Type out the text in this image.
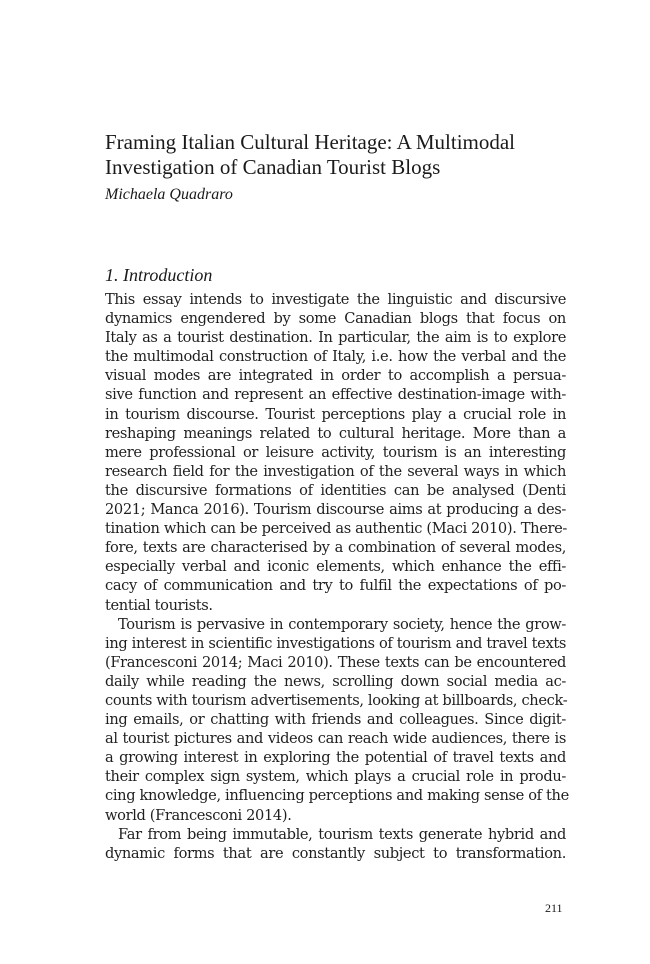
Framing Italian Cultural Heritage: A Multimodal
Investigation of Canadian Tourist Blogs

Michaela Quadraro

1. Introduction
This essay intends to investigate the linguistic and discursive
dynamics engendered by some Canadian blogs that focus on
Italy as a tourist destination. In particular, the aim is to explore
the multimodal construction of Italy, i.e. how the verbal and the
visual modes are integrated in order to accomplish a persua-
sive function and represent an effective destination-image with-
in tourism discourse. Tourist perceptions play a crucial role in
reshaping meanings related to cultural heritage. More than a
mere professional or leisure activity, tourism is an interesting
research field for the investigation of the several ways in which
the discursive formations of identities can be analysed (Denti
2021; Manca 2016). Tourism discourse aims at producing a des-
tination which can be perceived as authentic (Maci 2010). There-
fore, texts are characterised by a combination of several modes,
especially verbal and iconic elements, which enhance the effi-
cacy of communication and try to fulfil the expectations of po-
tential tourists.
Tourism is pervasive in contemporary society, hence the grow-
ing interest in scientific investigations of tourism and travel texts
(Francesconi 2014; Maci 2010). These texts can be encountered
daily while reading the news, scrolling down social media ac-
counts with tourism advertisements, looking at billboards, check-
ing emails, or chatting with friends and colleagues. Since digit-
al tourist pictures and videos can reach wide audiences, there is
a growing interest in exploring the potential of travel texts and
their complex sign system, which plays a crucial role in produ-
cing knowledge, influencing perceptions and making sense of the
world (Francesconi 2014).
Far from being immutable, tourism texts generate hybrid and
dynamic forms that are constantly subject to transformation.
211
